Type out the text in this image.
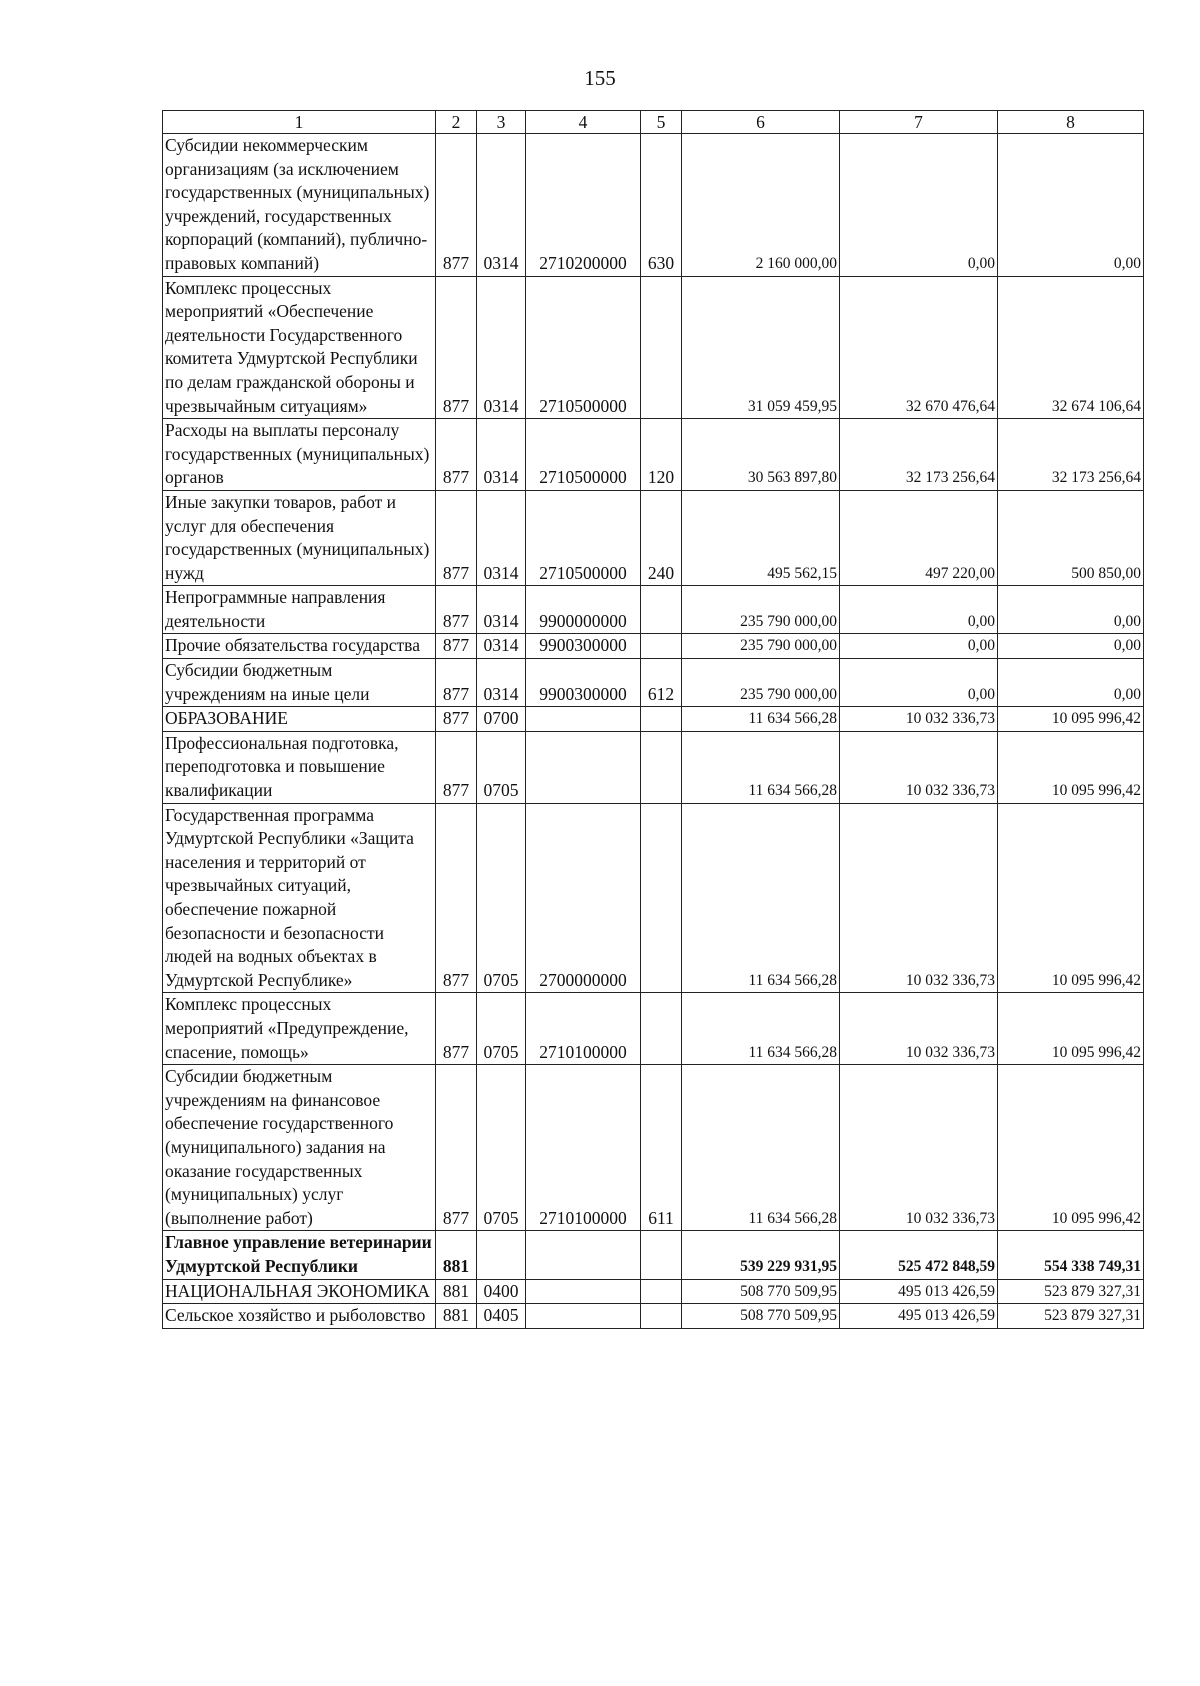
155
1	2	3	4	5	6	7	8
Субсидии некоммерческим организациям (за исключением государственных (муниципальных) учреждений, государственных корпораций (компаний), публично-правовых компаний)	877	0314	2710200000	630	2 160 000,00	0,00	0,00
Комплекс процессных мероприятий «Обеспечение деятельности Государственного комитета Удмуртской Республики по делам гражданской обороны и чрезвычайным ситуациям»	877	0314	2710500000		31 059 459,95	32 670 476,64	32 674 106,64
Расходы на выплаты персоналу государственных (муниципальных) органов	877	0314	2710500000	120	30 563 897,80	32 173 256,64	32 173 256,64
Иные закупки товаров, работ и услуг для обеспечения государственных (муниципальных) нужд	877	0314	2710500000	240	495 562,15	497 220,00	500 850,00
Непрограммные направления деятельности	877	0314	9900000000		235 790 000,00	0,00	0,00
Прочие обязательства государства	877	0314	9900300000		235 790 000,00	0,00	0,00
Субсидии бюджетным учреждениям на иные цели	877	0314	9900300000	612	235 790 000,00	0,00	0,00
ОБРАЗОВАНИЕ	877	0700			11 634 566,28	10 032 336,73	10 095 996,42
Профессиональная подготовка, переподготовка и повышение квалификации	877	0705			11 634 566,28	10 032 336,73	10 095 996,42
Государственная программа Удмуртской Республики «Защита населения и территорий от чрезвычайных ситуаций, обеспечение пожарной безопасности и безопасности людей на водных объектах в Удмуртской Республике»	877	0705	2700000000		11 634 566,28	10 032 336,73	10 095 996,42
Комплекс процессных мероприятий «Предупреждение, спасение, помощь»	877	0705	2710100000		11 634 566,28	10 032 336,73	10 095 996,42
Субсидии бюджетным учреждениям на финансовое обеспечение государственного (муниципального) задания на оказание государственных (муниципальных) услуг (выполнение работ)	877	0705	2710100000	611	11 634 566,28	10 032 336,73	10 095 996,42
Главное управление ветеринарии Удмуртской Республики	881				539 229 931,95	525 472 848,59	554 338 749,31
НАЦИОНАЛЬНАЯ ЭКОНОМИКА	881	0400			508 770 509,95	495 013 426,59	523 879 327,31
Сельское хозяйство и рыболовство	881	0405			508 770 509,95	495 013 426,59	523 879 327,31
